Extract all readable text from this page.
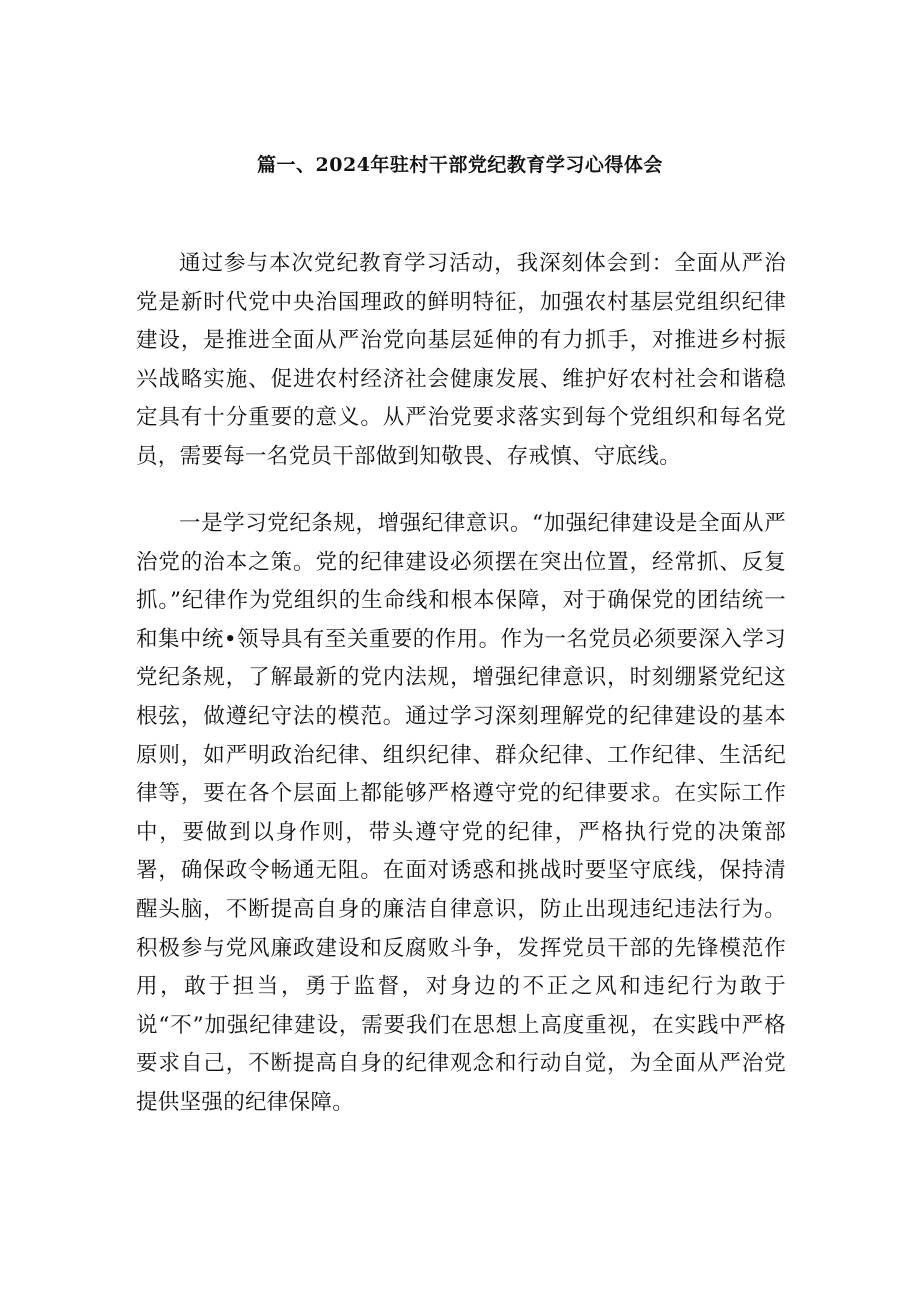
篇一、2024年驻村干部党纪教育学习心得体会

通过参与本次党纪教育学习活动，我深刻体会到：全面从严治党是新时代党中央治国理政的鲜明特征，加强农村基层党组织纪律建设，是推进全面从严治党向基层延伸的有力抓手，对推进乡村振兴战略实施、促进农村经济社会健康发展、维护好农村社会和谐稳定具有十分重要的意义。从严治党要求落实到每个党组织和每名党员，需要每一名党员干部做到知敬畏、存戒慎、守底线。

一是学习党纪条规，增强纪律意识。“加强纪律建设是全面从严治党的治本之策。党的纪律建设必须摆在突出位置，经常抓、反复抓。”纪律作为党组织的生命线和根本保障，对于确保党的团结统一和集中统•领导具有至关重要的作用。作为一名党员必须要深入学习党纪条规，了解最新的党内法规，增强纪律意识，时刻绷紧党纪这根弦，做遵纪守法的模范。通过学习深刻理解党的纪律建设的基本原则，如严明政治纪律、组织纪律、群众纪律、工作纪律、生活纪律等，要在各个层面上都能够严格遵守党的纪律要求。在实际工作中，要做到以身作则，带头遵守党的纪律，严格执行党的决策部署，确保政令畅通无阻。在面对诱惑和挑战时要坚守底线，保持清醒头脑，不断提高自身的廉洁自律意识，防止出现违纪违法行为。积极参与党风廉政建设和反腐败斗争，发挥党员干部的先锋模范作用，敢于担当，勇于监督，对身边的不正之风和违纪行为敢于说“不”加强纪律建设，需要我们在思想上高度重视，在实践中严格要求自己，不断提高自身的纪律观念和行动自觉，为全面从严治党提供坚强的纪律保障。
